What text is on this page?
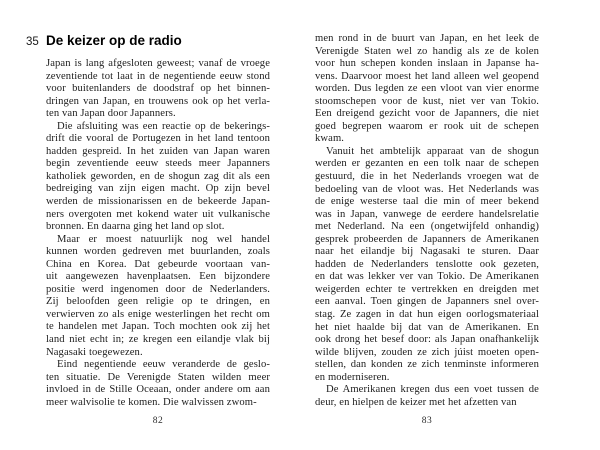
35 De keizer op de radio
Japan is lang afgesloten geweest; vanaf de vroege
zeventiende tot laat in de negentiende eeuw stond
voor buitenlanders de doodstraf op het binnen-
dringen van Japan, en trouwens ook op het verla-
ten van Japan door Japanners.
Die afsluiting was een reactie op de bekerings-
drift die vooral de Portugezen in het land tentoon
hadden gespreid. In het zuiden van Japan waren
begin zeventiende eeuw steeds meer Japanners
katholiek geworden, en de shogun zag dit als een
bedreiging van zijn eigen macht. Op zijn bevel
werden de missionarissen en de bekeerde Japan-
ners overgoten met kokend water uit vulkanische
bronnen. En daarna ging het land op slot.
Maar er moest natuurlijk nog wel handel
kunnen worden gedreven met buurlanden, zoals
China en Korea. Dat gebeurde voortaan van-
uit aangewezen havenplaatsen. Een bijzondere
positie werd ingenomen door de Nederlanders.
Zij beloofden geen religie op te dringen, en
verwierven zo als enige westerlingen het recht om
te handelen met Japan. Toch mochten ook zij het
land niet echt in; ze kregen een eilandje vlak bij
Nagasaki toegewezen.
Eind negentiende eeuw veranderde de geslo-
ten situatie. De Verenigde Staten wilden meer
invloed in de Stille Oceaan, onder andere om aan
meer walvisolie te komen. Die walvissen zwom-
82
men rond in de buurt van Japan, en het leek de
Verenigde Staten wel zo handig als ze de kolen
voor hun schepen konden inslaan in Japanse ha-
vens. Daarvoor moest het land alleen wel geopend
worden. Dus legden ze een vloot van vier enorme
stoomschepen voor de kust, niet ver van Tokio.
Een dreigend gezicht voor de Japanners, die niet
goed begrepen waarom er rook uit de schepen
kwam.
Vanuit het ambtelijk apparaat van de shogun
werden er gezanten en een tolk naar de schepen
gestuurd, die in het Nederlands vroegen wat de
bedoeling van de vloot was. Het Nederlands was
de enige westerse taal die min of meer bekend
was in Japan, vanwege de eerdere handelsrelatie
met Nederland. Na een (ongetwijfeld onhandig)
gesprek probeerden de Japanners de Amerikanen
naar het eilandje bij Nagasaki te sturen. Daar
hadden de Nederlanders tenslotte ook gezeten,
en dat was lekker ver van Tokio. De Amerikanen
weigerden echter te vertrekken en dreigden met
een aanval. Toen gingen de Japanners snel over-
stag. Ze zagen in dat hun eigen oorlogsmateriaal
het niet haalde bij dat van de Amerikanen. En
ook drong het besef door: als Japan onafhankelijk
wilde blijven, zouden ze zich júist moeten open-
stellen, dan konden ze zich tenminste informeren
en moderniseren.
De Amerikanen kregen dus een voet tussen de
deur, en hielpen de keizer met het afzetten van
83
